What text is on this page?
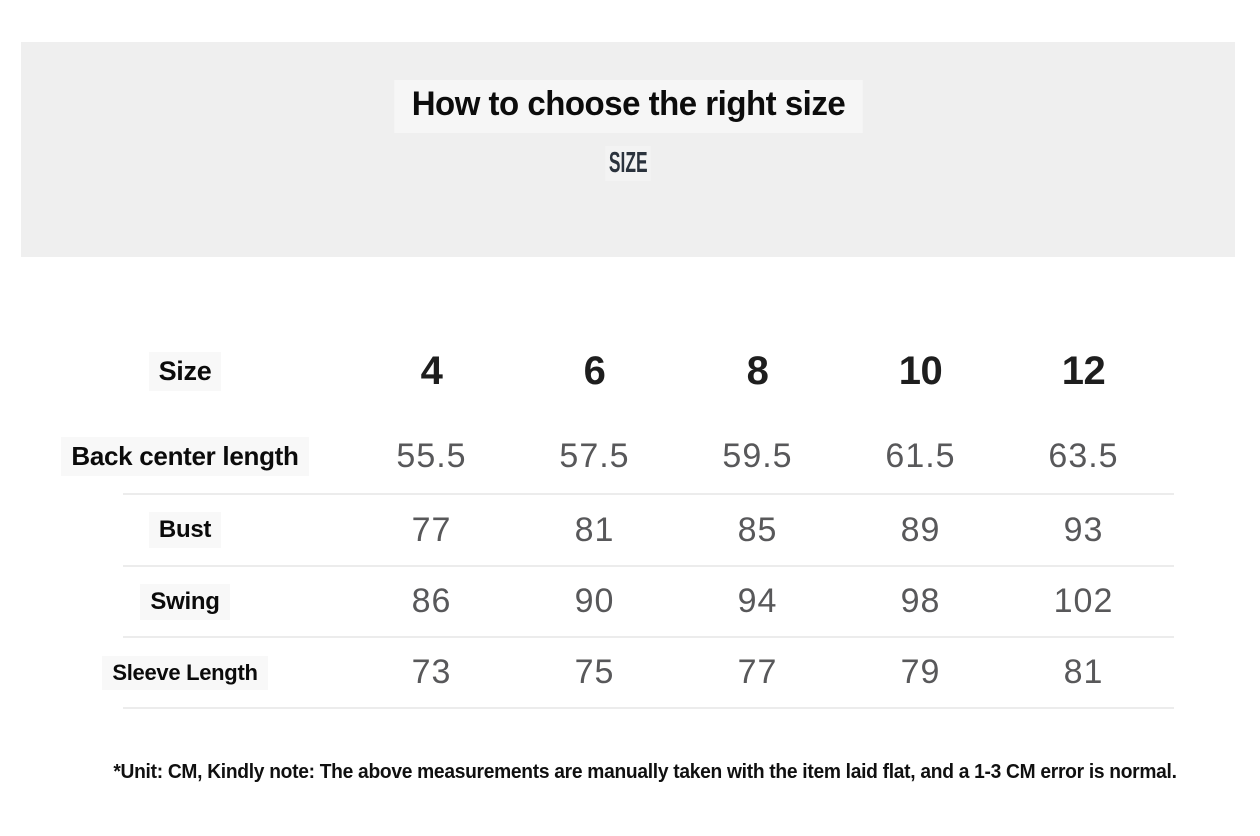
How to choose the right size
SIZE
Size	4	6	8	10	12
Back center length	55.5	57.5	59.5	61.5	63.5
Bust	77	81	85	89	93
Swing	86	90	94	98	102
Sleeve Length	73	75	77	79	81
*Unit: CM, Kindly note: The above measurements are manually taken with the item laid flat, and a 1-3 CM error is normal.
